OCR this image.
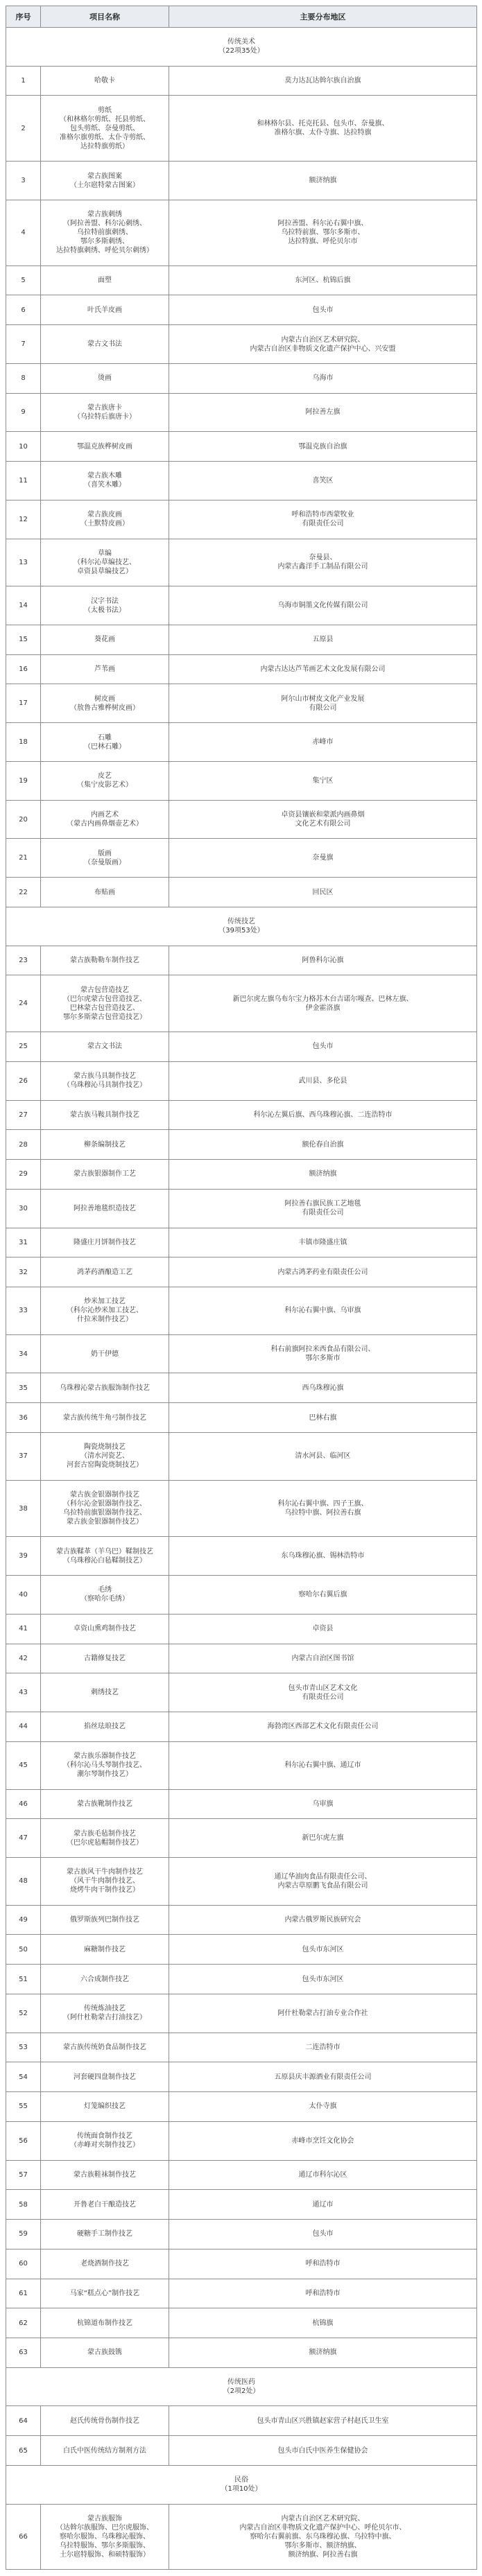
序号	项目名称	主要分布地区

传统美术
（22项35处）		

1	哈敬卡	莫力达瓦达斡尔族自治旗
2	剪纸
（和林格尔剪纸、托县剪纸、
包头剪纸、奈曼剪纸、
准格尔旗剪纸、太仆寺剪纸、
达拉特旗剪纸）	和林格尔县、托克托县、包头市、奈曼旗、
准格尔旗、太仆寺旗、达拉特旗
3	蒙古族图案
（土尔扈特蒙古图案）	额济纳旗
4	蒙古族刺绣
（阿拉善盟、科尔沁刺绣、
乌拉特前旗刺绣、
鄂尔多斯刺绣、
达拉特旗刺绣、呼伦贝尔刺绣）	阿拉善盟、科尔沁右翼中旗、
乌拉特前旗、鄂尔多斯市、
达拉特旗、呼伦贝尔市
5	面塑	东河区、杭锦后旗
6	叶氏羊皮画	包头市
7	蒙古文书法	内蒙古自治区艺术研究院、
内蒙古自治区非物质文化遗产保护中心、兴安盟
8	烫画	乌海市
9	蒙古族唐卡
（乌拉特后旗唐卡）	阿拉善左旗
10	鄂温克族桦树皮画	鄂温克族自治旗
11	蒙古族木雕
（喜笑木雕）	喜笑区
12	蒙古族皮画
（土默特皮画）	呼和浩特市西蒙牧业
有限责任公司
13	草编
（科尔沁草编技艺、
卓资县草编技艺）	奈曼县、
内蒙古鑫洋手工制品有限公司
14	汉字书法
（太极书法）	乌海市铜墨文化传媒有限公司
15	葵花画	五原县
16	芦苇画	内蒙古达达芦苇画艺术文化发展有限公司
17	树皮画
（敖鲁古雅桦树皮画）	阿尔山市树皮文化产业发展
有限公司
18	石雕
（巴林石雕）	赤峰市
19	皮艺
（集宁皮影艺术）	集宁区
20	内画艺术
（蒙古内画鼻烟壶艺术）	卓资县镶嵌和蒙派内画鼻烟
文化艺术有限公司
21	版画
（奈曼版画）	奈曼旗
22	布贴画	回民区

传统技艺
（39项53处）		

23	蒙古族勒勒车制作技艺	阿鲁科尔沁旗
24	蒙古包营造技艺
（巴尔虎蒙古包营造技艺、
巴林蒙古包营造技艺、
鄂尔多斯蒙古包营造技艺）	新巴尔虎左旗乌布尔宝力格苏木台吉诺尔嘎查、巴林左旗、
伊金霍洛旗
25	蒙古文书法	包头市
26	蒙古族马具制作技艺
（乌珠穆沁马具制作技艺）	武川县、多伦县
27	蒙古族马鞍具制作技艺	科尔沁左翼后旗、西乌珠穆沁旗、二连浩特市
28	柳条编制技艺	额伦春自治旗
29	蒙古族银器制作工艺	额济纳旗
30	阿拉善地毯织造技艺	阿拉善右旗民族工艺地毯
有限责任公司
31	隆盛庄月饼制作技艺	丰镇市隆盛庄镇
32	鸿茅药酒酿造工艺	内蒙古鸿茅药业有限责任公司
33	炒米加工技艺
（科尔沁炒米加工技艺、
什拉米制作技艺）	科尔沁右翼中旗、乌审旗
34	奶干伊德	科右前旗阿拉米西食品有限公司、
鄂尔多斯市
35	乌珠穆沁蒙古族服饰制作技艺	西乌珠穆沁旗
36	蒙古族传统牛角弓制作技艺	巴林右旗
37	陶瓷烧制技艺
（清水河瓷艺、
河套古窑陶瓷烧制技艺）	清水河县、临河区
38	蒙古族金银器制作技艺
（科尔沁金银器制作技艺、
乌拉特前旗银器制作技艺、
蒙古族金银器制作技艺）	科尔沁右翼中旗、四子王旗、
乌拉特中旗、阿拉善右旗
39	蒙古族鞣革（羊乌巴）鞣制技艺
（乌珠穆沁白毡鞣制技艺）	东乌珠穆沁旗、锡林浩特市
40	毛绣
（察哈尔毛绣）	察哈尔右翼后旗
41	卓资山熏鸡制作技艺	卓资县
42	古籍修复技艺	内蒙古自治区图书馆
43	刺绣技艺	包头市青山区艺术文化
有限责任公司
44	掐丝珐琅技艺	海勃湾区西部艺术文化有限责任公司
45	蒙古族乐器制作技艺
（科尔沁马头琴制作技艺、
潮尔琴制作技艺）	科尔沁右翼中旗、通辽市
46	蒙古族靴制作技艺	乌审旗
47	蒙古族毛毡制作技艺
（巴尔虎毡帽制作技艺）	新巴尔虎左旗
48	蒙古族风干牛肉制作技艺
（风干牛肉制作技艺、
烧烤牛肉干制作技艺）	通辽华油肉食品有限责任公司、
内蒙古草原鹏飞食品有限公司
49	俄罗斯族列巴制作技艺	内蒙古俄罗斯民族研究会
50	麻糖制作技艺	包头市东河区
51	六合成制作技艺	包头市东河区
52	传统炼油技艺
（阿什杜勒蒙古打油技艺）	阿什杜勒蒙古打油专业合作社
53	蒙古族传统奶食品制作技艺	二连浩特市
54	河套硬四盘制作技艺	五原县庆丰源酒业有限责任公司
55	灯笼编织技艺	太仆寺旗
56	传统面食制作技艺
（赤峰对夹制作技艺）	赤峰市烹饪文化协会
57	蒙古族鞋袜制作技艺	通辽市科尔沁区
58	开鲁老白干酿造技艺	通辽市
59	硬糖手工制作技艺	包头市
60	老烧酒制作技艺	呼和浩特市
61	马家“糕点心”制作技艺	呼和浩特市
62	杭锦道布制作技艺	杭锦旗
63	蒙古族鼓镌	额济纳旗

传统医药
（2项2处）		

64	赵氏传统骨伤制作技艺	包头市青山区兴胜镇赵家营子村赵氏卫生室
65	白氏中医传统结方制剂方法	包头市白氏中医养生保健协会

民俗
（1项10处）		

66	蒙古族服饰
（达斡尔族服饰、巴尔虎服饰、
察哈尔服饰、乌珠穆沁服饰、
乌拉特服饰、鄂尔多斯服饰、
土尔扈特服饰、和硕特服饰）	内蒙古自治区艺术研究院、
内蒙古自治区非物质文化遗产保护中心、呼伦贝尔市、
察哈尔右翼前旗、东乌珠穆沁旗、乌拉特中旗、
鄂尔多斯市、额济纳旗、
额济纳旗、阿拉善右旗
